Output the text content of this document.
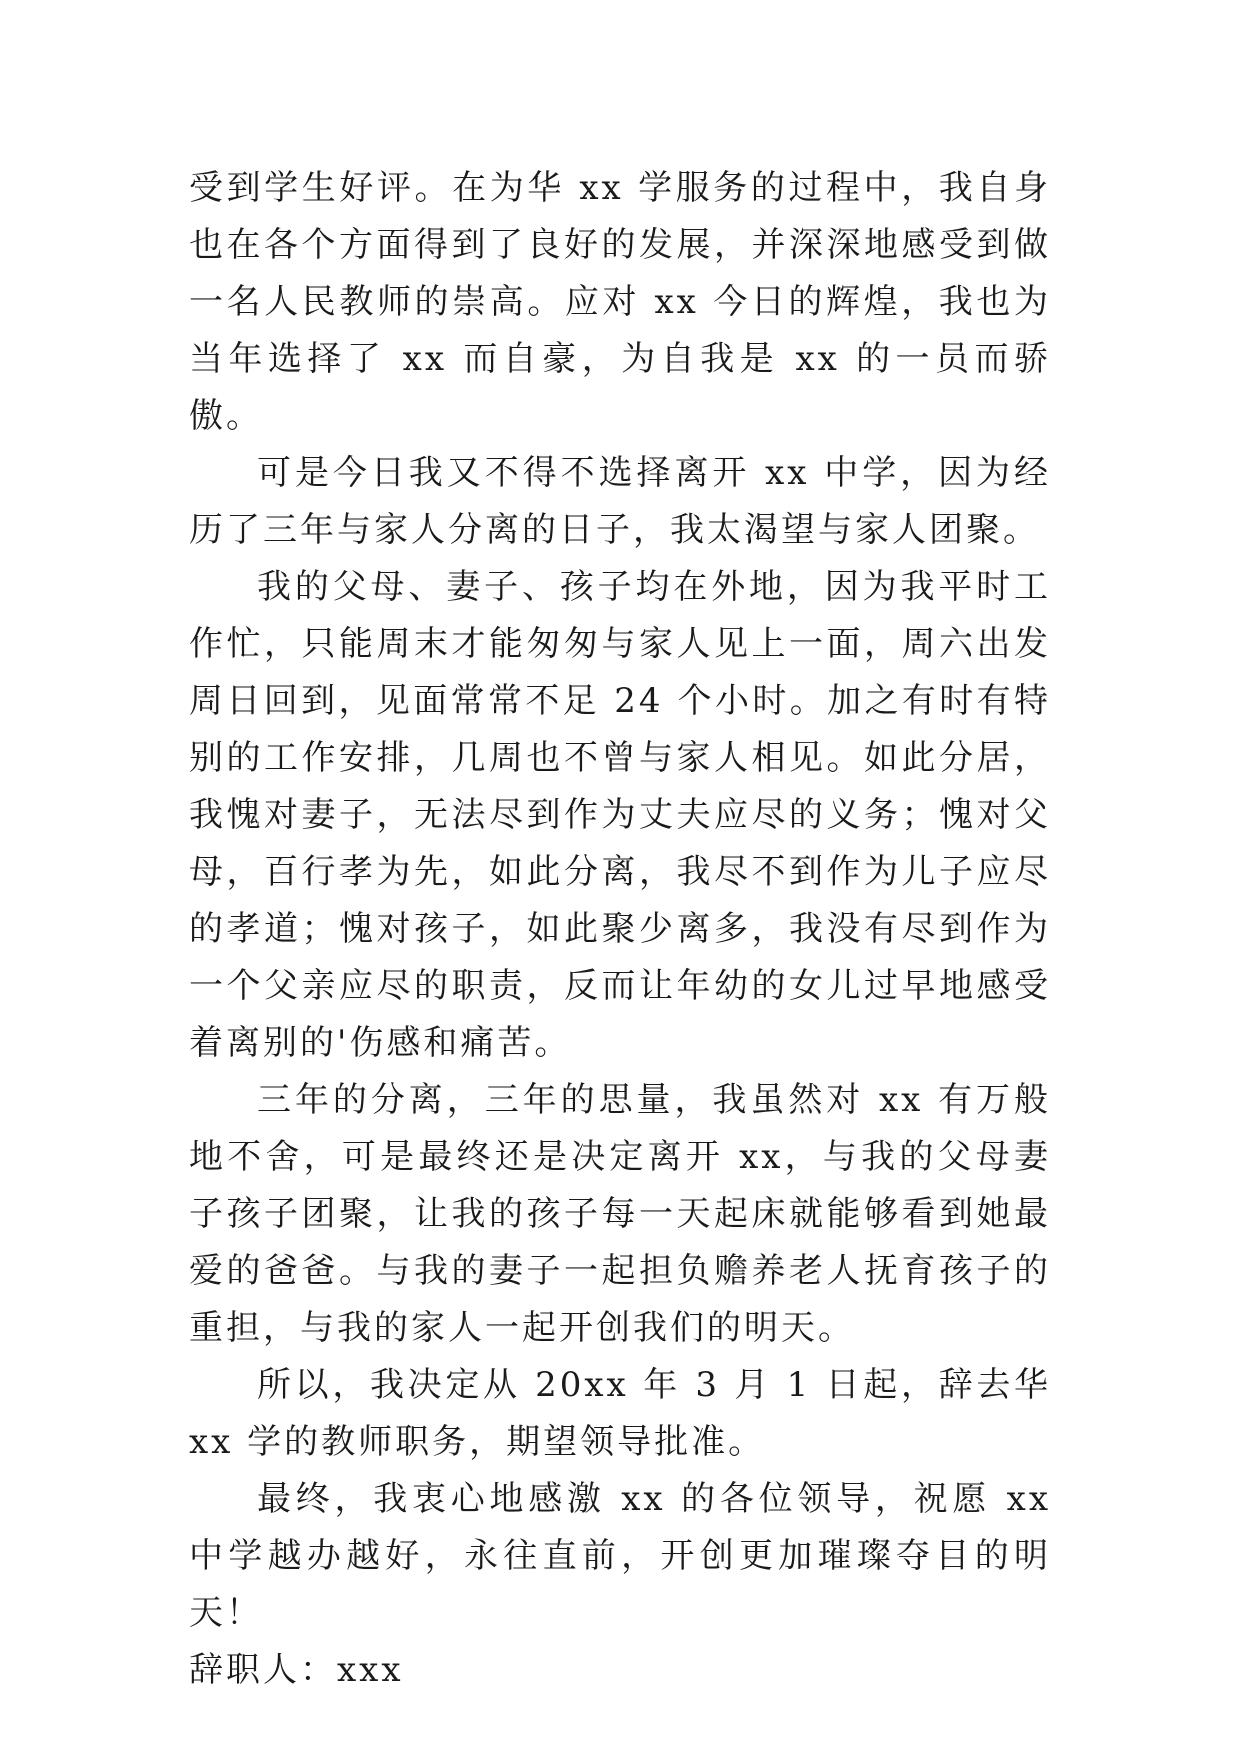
受到学生好评。在为华 xx 学服务的过程中，我自身也在各个方面得到了良好的发展，并深深地感受到做一名人民教师的崇高。应对 xx 今日的辉煌，我也为当年选择了 xx 而自豪，为自我是 xx 的一员而骄傲。

可是今日我又不得不选择离开 xx 中学，因为经历了三年与家人分离的日子，我太渴望与家人团聚。

我的父母、妻子、孩子均在外地，因为我平时工作忙，只能周末才能匆匆与家人见上一面，周六出发周日回到，见面常常不足 24 个小时。加之有时有特别的工作安排，几周也不曾与家人相见。如此分居，我愧对妻子，无法尽到作为丈夫应尽的义务；愧对父母，百行孝为先，如此分离，我尽不到作为儿子应尽的孝道；愧对孩子，如此聚少离多，我没有尽到作为一个父亲应尽的职责，反而让年幼的女儿过早地感受着离别的'伤感和痛苦。

三年的分离，三年的思量，我虽然对 xx 有万般地不舍，可是最终还是决定离开 xx，与我的父母妻子孩子团聚，让我的孩子每一天起床就能够看到她最爱的爸爸。与我的妻子一起担负赡养老人抚育孩子的重担，与我的家人一起开创我们的明天。

所以，我决定从 20xx 年 3 月 1 日起，辞去华 xx 学的教师职务，期望领导批准。

最终，我衷心地感激 xx 的各位领导，祝愿 xx 中学越办越好，永往直前，开创更加璀璨夺目的明天！

辞职人：xxx
